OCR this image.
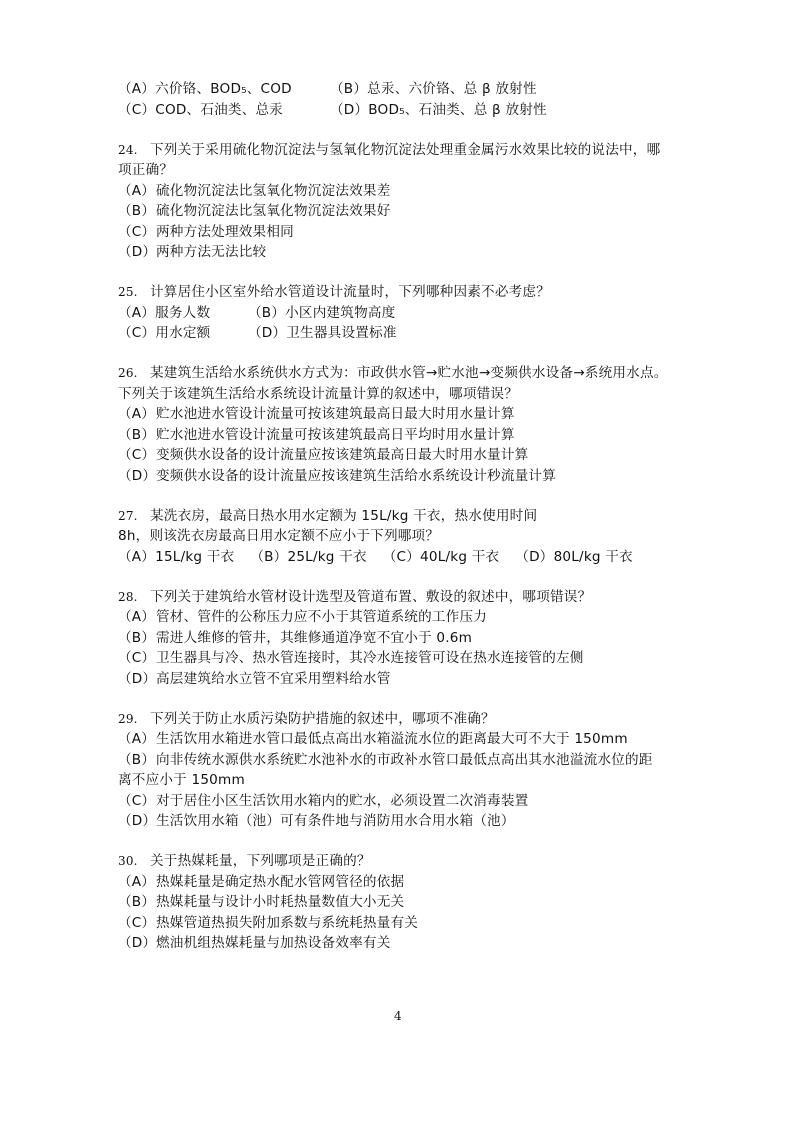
（A）六价铬、BOD₅、COD	（B）总汞、六价铬、总 β 放射性
（C）COD、石油类、总汞	（D）BOD₅、石油类、总 β 放射性
24. 下列关于采用硫化物沉淀法与氢氧化物沉淀法处理重金属污水效果比较的说法中，哪
项正确？
（A）硫化物沉淀法比氢氧化物沉淀法效果差
（B）硫化物沉淀法比氢氧化物沉淀法效果好
（C）两种方法处理效果相同
（D）两种方法无法比较
25. 计算居住小区室外给水管道设计流量时，下列哪种因素不必考虑？
（A）服务人数	（B）小区内建筑物高度
（C）用水定额	（D）卫生器具设置标准
26. 某建筑生活给水系统供水方式为：市政供水管→贮水池→变频供水设备→系统用水点。
下列关于该建筑生活给水系统设计流量计算的叙述中，哪项错误？
（A）贮水池进水管设计流量可按该建筑最高日最大时用水量计算
（B）贮水池进水管设计流量可按该建筑最高日平均时用水量计算
（C）变频供水设备的设计流量应按该建筑最高日最大时用水量计算
（D）变频供水设备的设计流量应按该建筑生活给水系统设计秒流量计算
27. 某洗衣房，最高日热水用水定额为 15L/kg 干衣，热水使用时间
8h，则该洗衣房最高日用水定额不应小于下列哪项？
（A）15L/kg 干衣 （B）25L/kg 干衣 （C）40L/kg 干衣 （D）80L/kg 干衣
28. 下列关于建筑给水管材设计选型及管道布置、敷设的叙述中，哪项错误？
（A）管材、管件的公称压力应不小于其管道系统的工作压力
（B）需进人维修的管井，其维修通道净宽不宜小于 0.6m
（C）卫生器具与冷、热水管连接时，其冷水连接管可设在热水连接管的左侧
（D）高层建筑给水立管不宜采用塑料给水管
29. 下列关于防止水质污染防护措施的叙述中，哪项不准确？
（A）生活饮用水箱进水管口最低点高出水箱溢流水位的距离最大可不大于 150mm
（B）向非传统水源供水系统贮水池补水的市政补水管口最低点高出其水池溢流水位的距
离不应小于 150mm
（C）对于居住小区生活饮用水箱内的贮水，必须设置二次消毒装置
（D）生活饮用水箱（池）可有条件地与消防用水合用水箱（池）
30. 关于热媒耗量，下列哪项是正确的？
（A）热媒耗量是确定热水配水管网管径的依据
（B）热媒耗量与设计小时耗热量数值大小无关
（C）热媒管道热损失附加系数与系统耗热量有关
（D）燃油机组热媒耗量与加热设备效率有关
4
